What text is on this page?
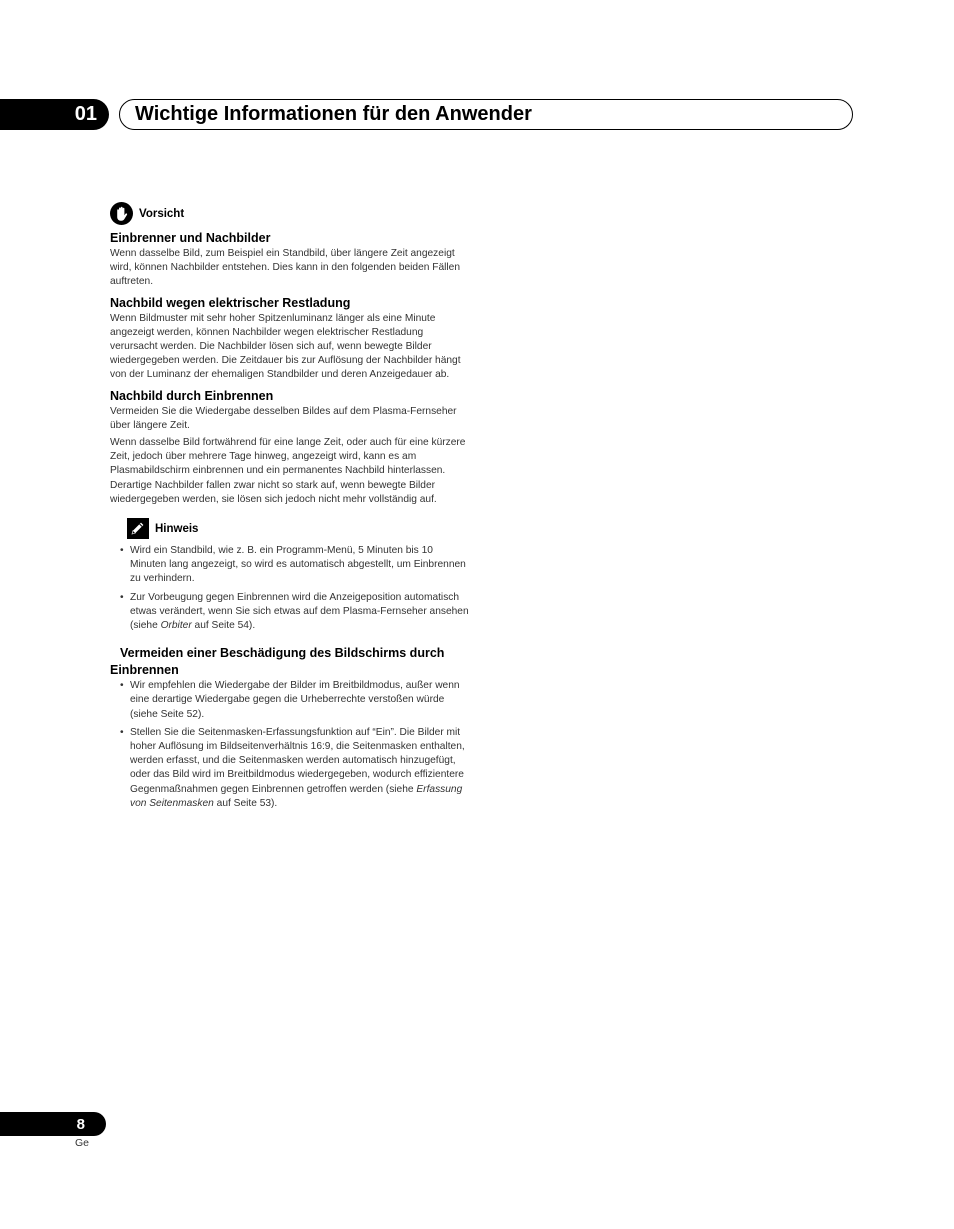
01 Wichtige Informationen für den Anwender
Vorsicht
Einbrenner und Nachbilder

Wenn dasselbe Bild, zum Beispiel ein Standbild, über längere Zeit angezeigt wird, können Nachbilder entstehen. Dies kann in den folgenden beiden Fällen auftreten.

Nachbild wegen elektrischer Restladung

Wenn Bildmuster mit sehr hoher Spitzenluminanz länger als eine Minute angezeigt werden, können Nachbilder wegen elektrischer Restladung verursacht werden. Die Nachbilder lösen sich auf, wenn bewegte Bilder wiedergegeben werden. Die Zeitdauer bis zur Auflösung der Nachbilder hängt von der Luminanz der ehemaligen Standbilder und deren Anzeigedauer ab.

Nachbild durch Einbrennen

Vermeiden Sie die Wiedergabe desselben Bildes auf dem Plasma-Fernseher über längere Zeit.

Wenn dasselbe Bild fortwährend für eine lange Zeit, oder auch für eine kürzere Zeit, jedoch über mehrere Tage hinweg, angezeigt wird, kann es am Plasmabildschirm einbrennen und ein permanentes Nachbild hinterlassen. Derartige Nachbilder fallen zwar nicht so stark auf, wenn bewegte Bilder wiedergegeben werden, sie lösen sich jedoch nicht mehr vollständig auf.

Hinweis
• Wird ein Standbild, wie z. B. ein Programm-Menü, 5 Minuten bis 10 Minuten lang angezeigt, so wird es automatisch abgestellt, um Einbrennen zu verhindern.
• Zur Vorbeugung gegen Einbrennen wird die Anzeigeposition automatisch etwas verändert, wenn Sie sich etwas auf dem Plasma-Fernseher ansehen (siehe Orbiter auf Seite 54).
Vermeiden einer Beschädigung des Bildschirms durch Einbrennen
• Wir empfehlen die Wiedergabe der Bilder im Breitbildmodus, außer wenn eine derartige Wiedergabe gegen die Urheberrechte verstoßen würde (siehe Seite 52).
• Stellen Sie die Seitenmasken-Erfassungsfunktion auf “Ein”. Die Bilder mit hoher Auflösung im Bildseitenverhältnis 16:9, die Seitenmasken enthalten, werden erfasst, und die Seitenmasken werden automatisch hinzugefügt, oder das Bild wird im Breitbildmodus wiedergegeben, wodurch effizientere Gegenmaßnahmen gegen Einbrennen getroffen werden (siehe Erfassung von Seitenmasken auf Seite 53).
8
Ge
